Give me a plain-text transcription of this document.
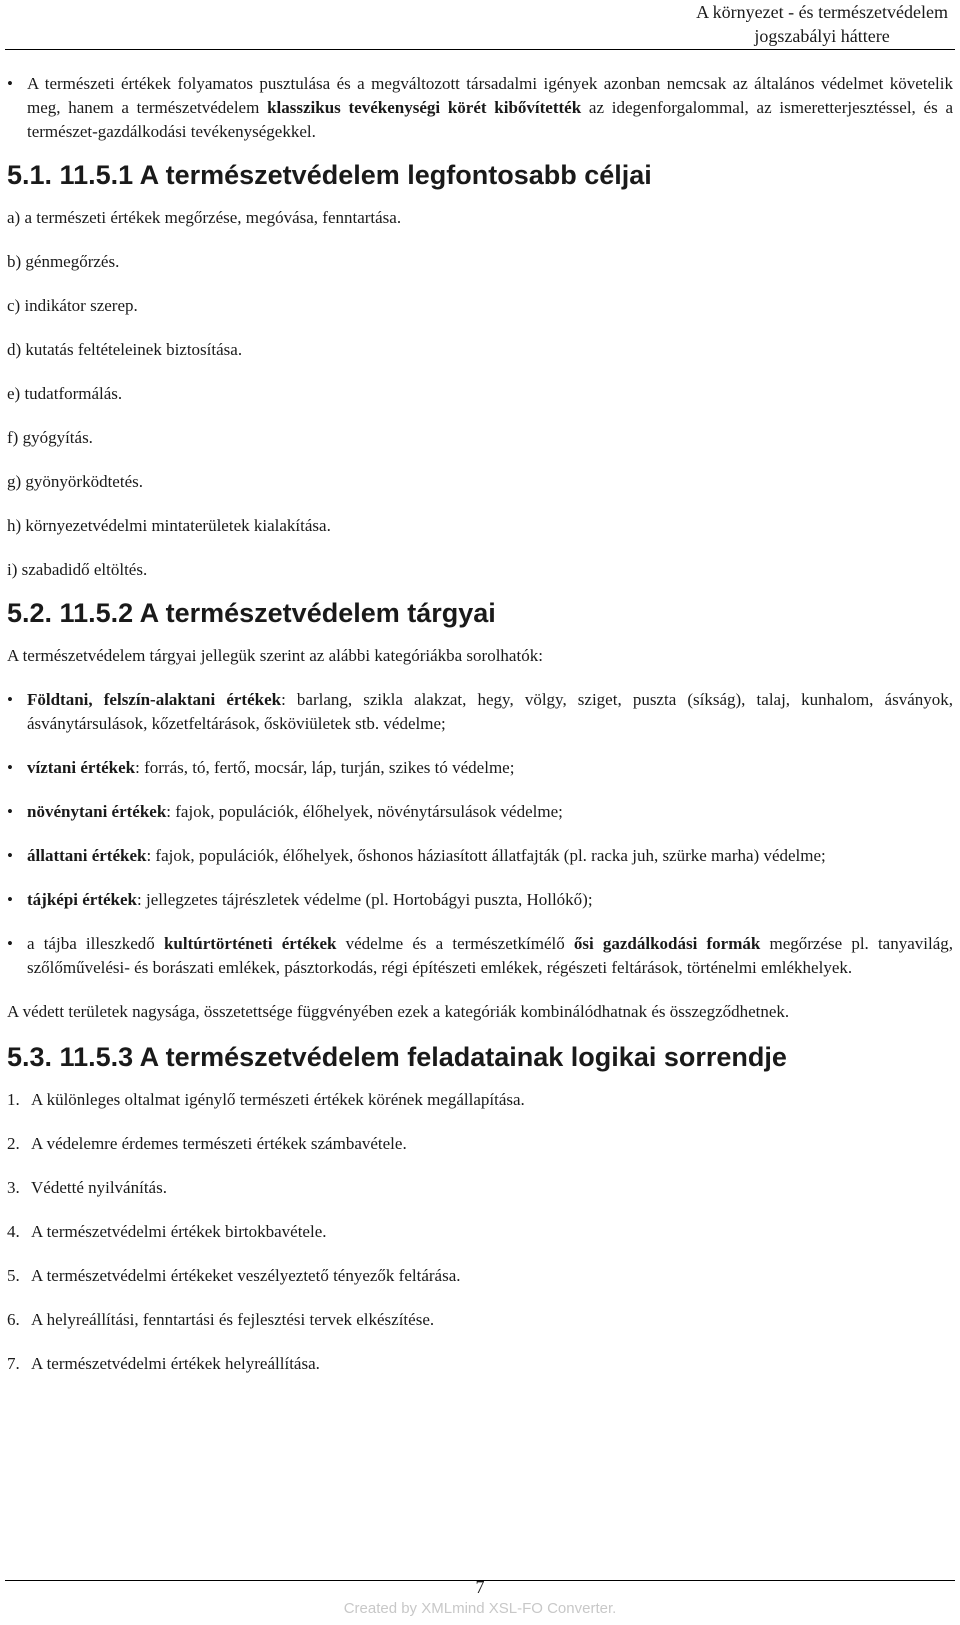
A környezet - és természetvédelem
jogszabályi háttere
• A természeti értékek folyamatos pusztulása és a megváltozott társadalmi igények azonban nemcsak az általános védelmet követelik meg, hanem a természetvédelem klasszikus tevékenységi körét kibővítették az idegenforgalommal, az ismeretterjesztéssel, és a természet-gazdálkodási tevékenységekkel.

5.1. 11.5.1 A természetvédelem legfontosabb céljai
a) a természeti értékek megőrzése, megóvása, fenntartása.
b) génmegőrzés.
c) indikátor szerep.
d) kutatás feltételeinek biztosítása.
e) tudatformálás.
f) gyógyítás.
g) gyönyörködtetés.
h) környezetvédelmi mintaterületek kialakítása.
i) szabadidő eltöltés.
5.2. 11.5.2 A természetvédelem tárgyai
A természetvédelem tárgyai jellegük szerint az alábbi kategóriákba sorolhatók:
• Földtani, felszín-alaktani értékek: barlang, szikla alakzat, hegy, völgy, sziget, puszta (síkság), talaj, kunhalom, ásványok, ásványtársulások, kőzetfeltárások, ősköviületek stb. védelme;

• víztani értékek: forrás, tó, fertő, mocsár, láp, turján, szikes tó védelme;

• növénytani értékek: fajok, populációk, élőhelyek, növénytársulások védelme;

• állattani értékek: fajok, populációk, élőhelyek, őshonos háziasított állatfajták (pl. racka juh, szürke marha) védelme;

• tájképi értékek: jellegzetes tájrészletek védelme (pl. Hortobágyi puszta, Hollókő);

• a tájba illeszkedő kultúrtörténeti értékek védelme és a természetkímélő ősi gazdálkodási formák megőrzése pl. tanyavilág, szőlőművelési- és borászati emlékek, pásztorkodás, régi építészeti emlékek, régészeti feltárások, történelmi emlékhelyek.

A védett területek nagysága, összetettsége függvényében ezek a kategóriák kombinálódhatnak és összegződhetnek.
5.3. 11.5.3 A természetvédelem feladatainak logikai sorrendje
1. A különleges oltalmat igénylő természeti értékek körének megállapítása.
2. A védelemre érdemes természeti értékek számbavétele.
3. Védetté nyilvánítás.
4. A természetvédelmi értékek birtokbavétele.
5. A természetvédelmi értékeket veszélyeztető tényezők feltárása.
6. A helyreállítási, fenntartási és fejlesztési tervek elkészítése.
7. A természetvédelmi értékek helyreállítása.
7
Created by XMLmind XSL-FO Converter.
